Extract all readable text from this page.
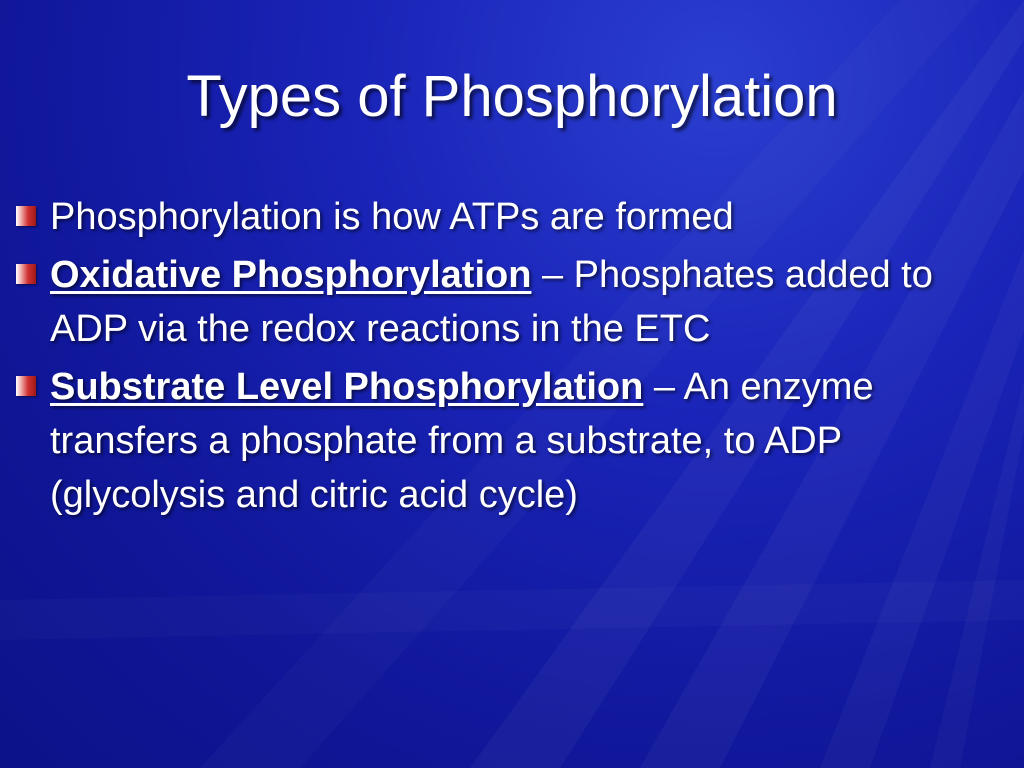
Types of Phosphorylation
Phosphorylation is how ATPs are formed
Oxidative Phosphorylation – Phosphates added to ADP via the redox reactions in the ETC
Substrate Level Phosphorylation – An enzyme transfers a phosphate from a substrate, to ADP (glycolysis and citric acid cycle)
